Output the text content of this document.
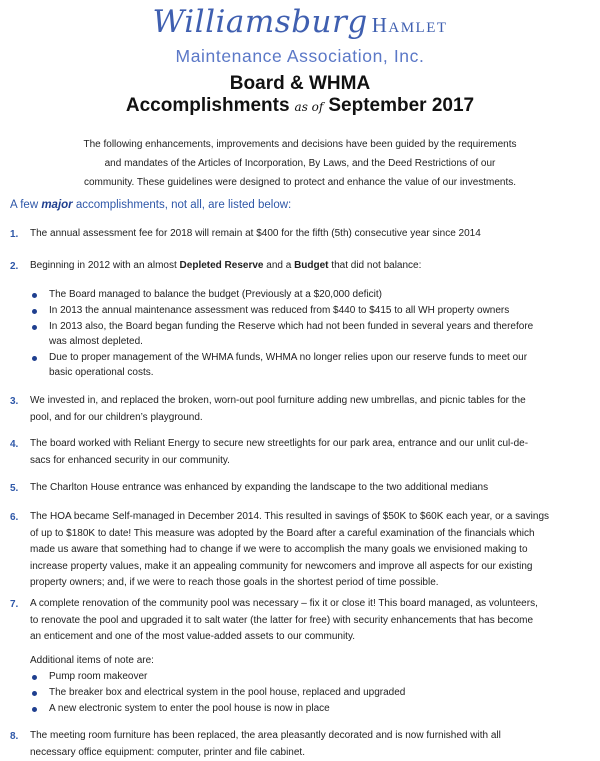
Williamsburg Hamlet
Maintenance Association, Inc.
Board & WHMA
Accomplishments as of September 2017
The following enhancements, improvements and decisions have been guided by the requirements
and mandates of the Articles of Incorporation, By Laws, and the Deed Restrictions of our
community. These guidelines were designed to protect and enhance the value of our investments.
A few major accomplishments, not all, are listed below:
1. The annual assessment fee for 2018 will remain at $400 for the fifth (5th) consecutive year since 2014
2. Beginning in 2012 with an almost Depleted Reserve and a Budget that did not balance:
The Board managed to balance the budget (Previously at a $20,000 deficit)
In 2013 the annual maintenance assessment was reduced from $440 to $415 to all WH property owners
In 2013 also, the Board began funding the Reserve which had not been funded in several years and therefore
was almost depleted.
Due to proper management of the WHMA funds, WHMA no longer relies upon our reserve funds to meet our
basic operational costs.
3. We invested in, and replaced the broken, worn-out pool furniture adding new umbrellas, and picnic tables for the
pool, and for our children’s playground.
4. The board worked with Reliant Energy to secure new streetlights for our park area, entrance and our unlit cul-de-
sacs for enhanced security in our community.
5. The Charlton House entrance was enhanced by expanding the landscape to the two additional medians
6. The HOA became Self-managed in December 2014. This resulted in savings of $50K to $60K each year, or a savings
of up to $180K to date! This measure was adopted by the Board after a careful examination of the financials which
made us aware that something had to change if we were to accomplish the many goals we envisioned making to
increase property values, make it an appealing community for newcomers and improve all aspects for our existing
property owners; and, if we were to reach those goals in the shortest period of time possible.
7. A complete renovation of the community pool was necessary – fix it or close it! This board managed, as volunteers,
to renovate the pool and upgraded it to salt water (the latter for free) with security enhancements that has become
an enticement and one of the most value-added assets to our community.
Additional items of note are:
Pump room makeover
The breaker box and electrical system in the pool house, replaced and upgraded
A new electronic system to enter the pool house is now in place
8. The meeting room furniture has been replaced, the area pleasantly decorated and is now furnished with all
necessary office equipment: computer, printer and file cabinet.
